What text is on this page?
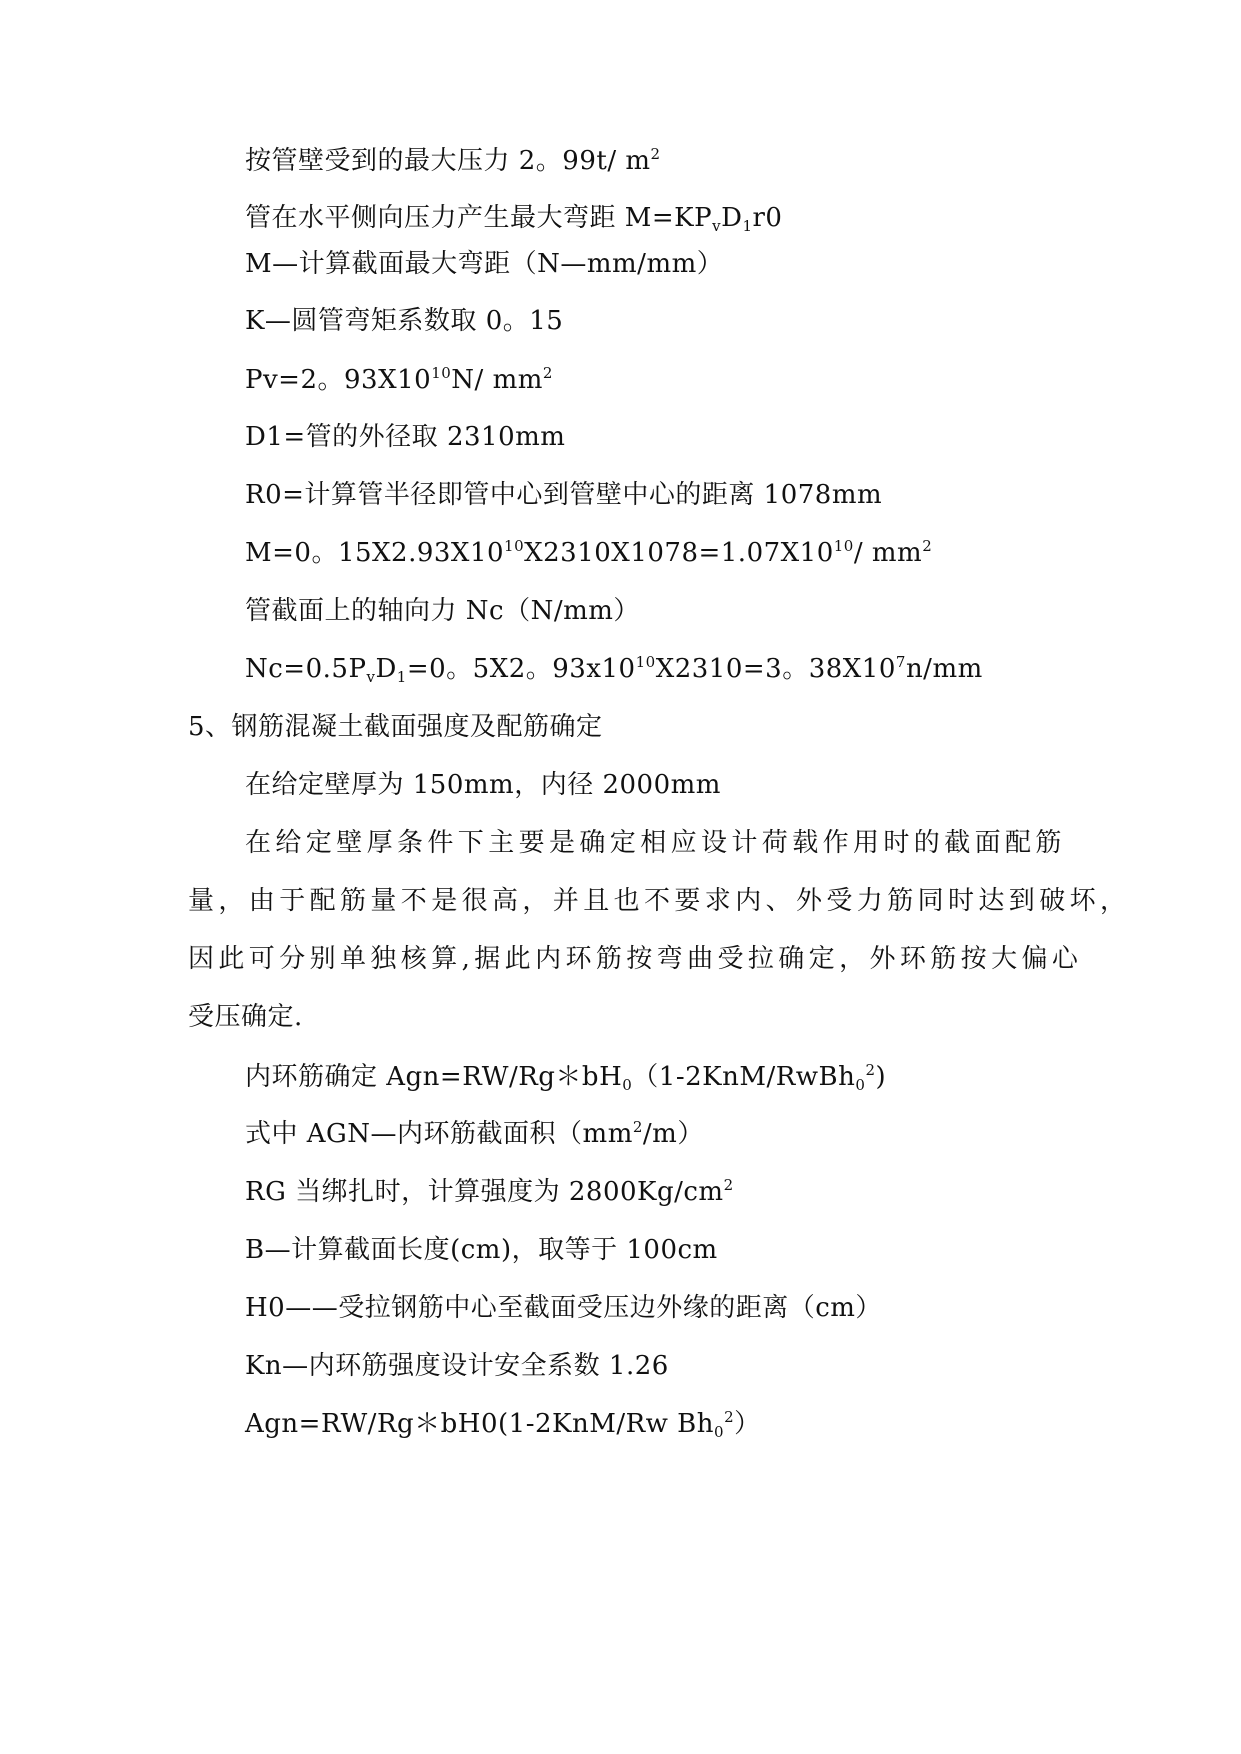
按管壁受到的最大压力 2。99t/ $m^2$
管在水平侧向压力产生最大弯距 $M=KP_vD_1r0$
M—计算截面最大弯距（N—mm/mm）
K—圆管弯矩系数取 0。15
Pv=2。$93X10^{10}N/$ $mm^2$
D1=管的外径取 2310mm
R0=计算管半径即管中心到管壁中心的距离 1078mm
M=0。$15X2.93X10^{10}X2310X1078=1.07X10^{10}/$ $mm^2$
管截面上的轴向力 Nc（N/mm）
$Nc=0.5P_vD_1=0$。5X2。$93x10^{10}X2310=3$。$38X10^7n/mm$
5、钢筋混凝土截面强度及配筋确定
在给定壁厚为 150mm，内径 2000mm
在给定壁厚条件下主要是确定相应设计荷载作用时的截面配筋
量，由于配筋量不是很高，并且也不要求内、外受力筋同时达到破坏，
因此可分别单独核算,据此内环筋按弯曲受拉确定，外环筋按大偏心
受压确定.
内环筋确定 $Agn=RW/Rg*bH_0(1-2KnM/RwBh_0^2)$
式中 AGN—内环筋截面积$(mm^2/m)$
RG 当绑扎时，计算强度为 $2800Kg/cm^2$
B—计算截面长度(cm)，取等于 100cm
H0——受拉钢筋中心至截面受压边外缘的距离（cm）
Kn—内环筋强度设计安全系数 1.26
Agn=RW/Rg＊bH0(1-2KnM/Rw $Bh_0^2$）
